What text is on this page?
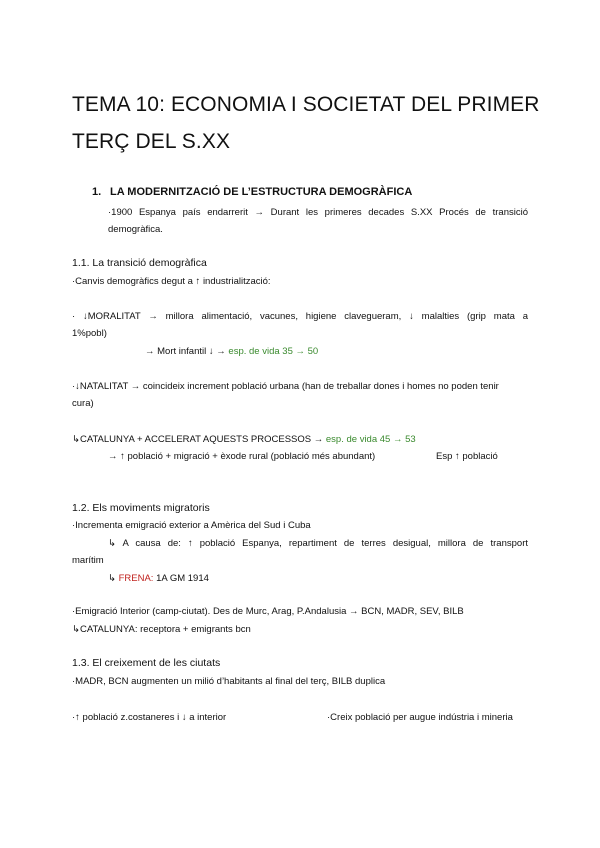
TEMA 10: ECONOMIA I SOCIETAT DEL PRIMER
TERÇ DEL S.XX
1. LA MODERNITZACIÓ DE L’ESTRUCTURA DEMOGRÀFICA
·1900 Espanya país endarrerit → Durant les primeres decades S.XX Procés de transició
demogràfica.
1.1. La transició demogràfica
·Canvis demogràfics degut a ↑ industrialització:
· ↓MORALITAT → millora alimentació, vacunes, higiene clavegueram, ↓ malalties (grip mata a
1%pobl)
→ Mort infantil ↓ → esp. de vida 35 → 50
·↓NATALITAT → coincideix increment població urbana (han de treballar dones i homes no poden tenir
cura)
↳CATALUNYA + ACCELERAT AQUESTS PROCESSOS → esp. de vida 45 → 53
→ ↑ població + migració + èxode rural (població més abundant)	Esp ↑ població
1.2. Els moviments migratoris
·Incrementa emigració exterior a Amèrica del Sud i Cuba
↳ A causa de: ↑ població Espanya, repartiment de terres desigual, millora de transport
marítim
↳ FRENA: 1A GM 1914
·Emigració Interior (camp-ciutat). Des de Murc, Arag, P.Andalusia → BCN, MADR, SEV, BILB
↳CATALUNYA: receptora + emigrants bcn
1.3. El creixement de les ciutats
·MADR, BCN augmenten un milió d’habitants al final del terç, BILB duplica
·↑ població z.costaneres i ↓ a interior	·Creix població per augue indústria i mineria
